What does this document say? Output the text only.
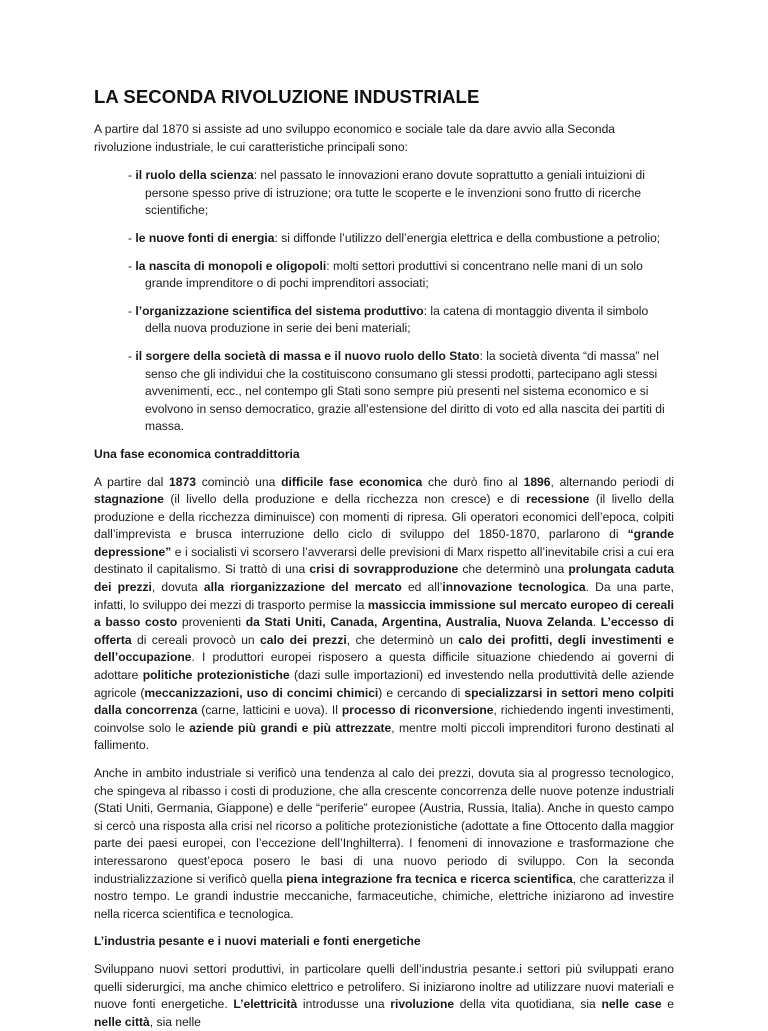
LA SECONDA RIVOLUZIONE INDUSTRIALE

A partire dal 1870 si assiste ad uno sviluppo economico e sociale tale da dare avvio alla Seconda rivoluzione industriale, le cui caratteristiche principali sono:

- il ruolo della scienza: nel passato le innovazioni erano dovute soprattutto a geniali intuizioni di persone spesso prive di istruzione; ora tutte le scoperte e le invenzioni sono frutto di ricerche scientifiche;

- le nuove fonti di energia: si diffonde l’utilizzo dell’energia elettrica e della combustione a petrolio;

- la nascita di monopoli e oligopoli: molti settori produttivi si concentrano nelle mani di un solo grande imprenditore o di pochi imprenditori associati;

- l’organizzazione scientifica del sistema produttivo: la catena di montaggio diventa il simbolo della nuova produzione in serie dei beni materiali;

- il sorgere della società di massa e il nuovo ruolo dello Stato: la società diventa “di massa” nel senso che gli individui che la costituiscono consumano gli stessi prodotti, partecipano agli stessi avvenimenti, ecc., nel contempo gli Stati sono sempre più presenti nel sistema economico e si evolvono in senso democratico, grazie all’estensione del diritto di voto ed alla nascita dei partiti di massa.

Una fase economica contraddittoria

A partire dal 1873 cominciò una difficile fase economica che durò fino al 1896, alternando periodi di stagnazione (il livello della produzione e della ricchezza non cresce) e di recessione (il livello della produzione e della ricchezza diminuisce) con momenti di ripresa. Gli operatori economici dell’epoca, colpiti dall’imprevista e brusca interruzione dello ciclo di sviluppo del 1850-1870, parlarono di “grande depressione” e i socialisti vi scorsero l’avverarsi delle previsioni di Marx rispetto all’inevitabile crisi a cui era destinato il capitalismo. Si trattò di una crisi di sovrapproduzione che determinò una prolungata caduta dei prezzi, dovuta alla riorganizzazione del mercato ed all’innovazione tecnologica. Da una parte, infatti, lo sviluppo dei mezzi di trasporto permise la massiccia immissione sul mercato europeo di cereali a basso costo provenienti da Stati Uniti, Canada, Argentina, Australia, Nuova Zelanda. L’eccesso di offerta di cereali provocò un calo dei prezzi, che determinò un calo dei profitti, degli investimenti e dell’occupazione. I produttori europei risposero a questa difficile situazione chiedendo ai governi di adottare politiche protezionistiche (dazi sulle importazioni) ed investendo nella produttività delle aziende agricole (meccanizzazioni, uso di concimi chimici) e cercando di specializzarsi in settori meno colpiti dalla concorrenza (carne, latticini e uova). Il processo di riconversione, richiedendo ingenti investimenti, coinvolse solo le aziende più grandi e più attrezzate, mentre molti piccoli imprenditori furono destinati al fallimento.

Anche in ambito industriale si verificò una tendenza al calo dei prezzi, dovuta sia al progresso tecnologico, che spingeva al ribasso i costi di produzione, che alla crescente concorrenza delle nuove potenze industriali (Stati Uniti, Germania, Giappone) e delle “periferie” europee (Austria, Russia, Italia). Anche in questo campo si cercò una risposta alla crisi nel ricorso a politiche protezionistiche (adottate a fine Ottocento dalla maggior parte dei paesi europei, con l’eccezione dell’Inghilterra). I fenomeni di innovazione e trasformazione che interessarono quest’epoca posero le basi di una nuovo periodo di sviluppo. Con la seconda industrializzazione si verificò quella piena integrazione fra tecnica e ricerca scientifica, che caratterizza il nostro tempo. Le grandi industrie meccaniche, farmaceutiche, chimiche, elettriche iniziarono ad investire nella ricerca scientifica e tecnologica.

L’industria pesante e i nuovi materiali e fonti energetiche

Sviluppano nuovi settori produttivi, in particolare quelli dell’industria pesante.i settori più sviluppati erano quelli siderurgici, ma anche chimico elettrico e petrolifero. Si iniziarono inoltre ad utilizzare nuovi materiali e nuove fonti energetiche. L’elettricità introdusse una rivoluzione della vita quotidiana, sia nelle case e nelle città, sia nelle
